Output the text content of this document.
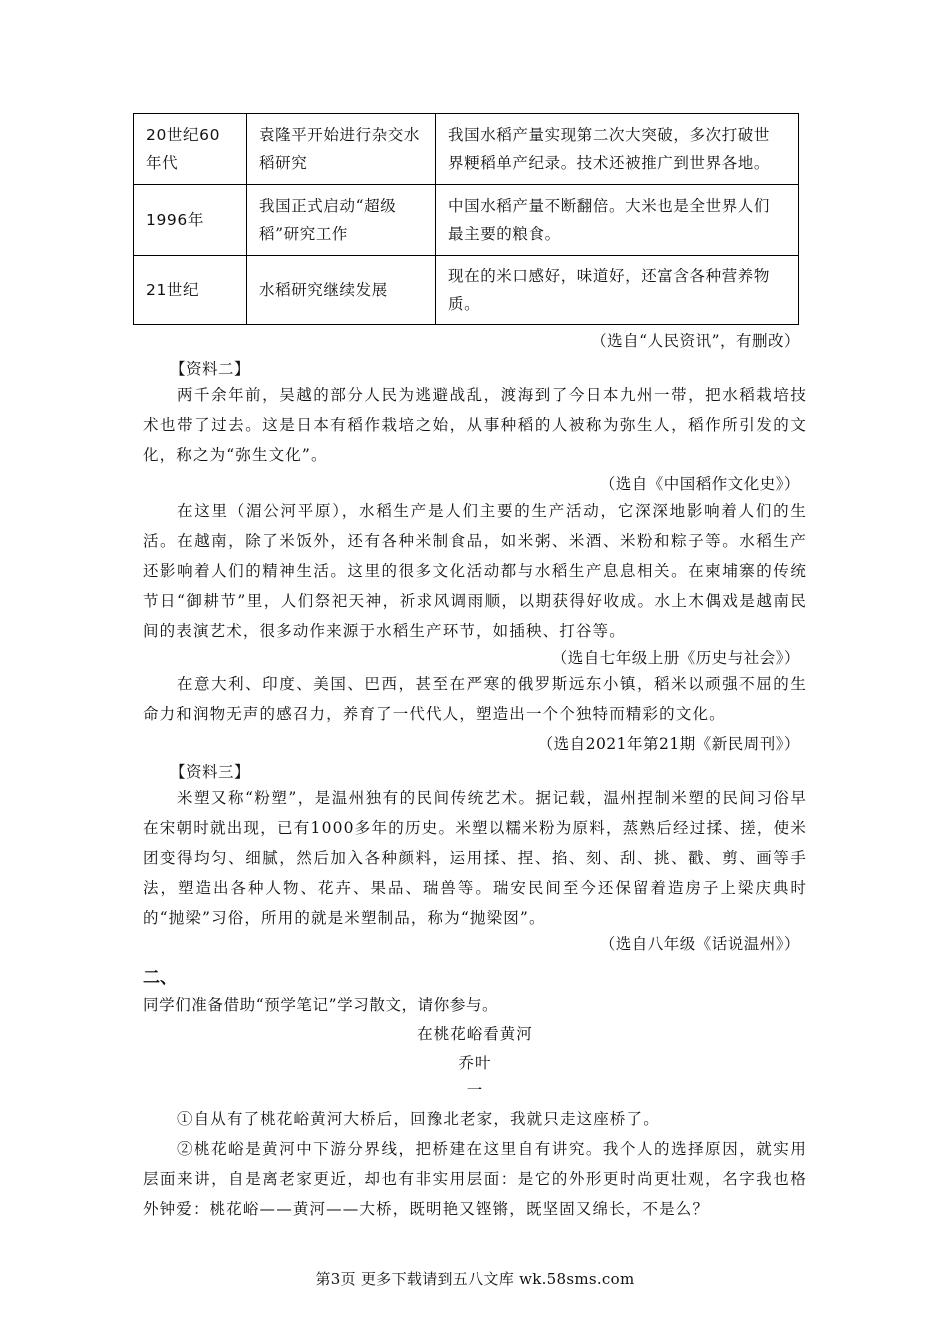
20世纪60年代	袁隆平开始进行杂交水稻研究	我国水稻产量实现第二次大突破，多次打破世界粳稻单产纪录。技术还被推广到世界各地。
1996年	我国正式启动“超级稻”研究工作	中国水稻产量不断翻倍。大米也是全世界人们最主要的粮食。
21世纪	水稻研究继续发展	现在的米口感好，味道好，还富含各种营养物质。
（选自“人民资讯”，有删改）
【资料二】
两千余年前，吴越的部分人民为逃避战乱，渡海到了今日本九州一带，把水稻栽培技术也带了过去。这是日本有稻作栽培之始，从事种稻的人被称为弥生人，稻作所引发的文化，称之为“弥生文化”。
（选自《中国稻作文化史》）
在这里（湄公河平原），水稻生产是人们主要的生产活动，它深深地影响着人们的生活。在越南，除了米饭外，还有各种米制食品，如米粥、米酒、米粉和粽子等。水稻生产还影响着人们的精神生活。这里的很多文化活动都与水稻生产息息相关。在柬埔寨的传统节日“御耕节”里，人们祭祀天神，祈求风调雨顺，以期获得好收成。水上木偶戏是越南民间的表演艺术，很多动作来源于水稻生产环节，如插秧、打谷等。
（选自七年级上册《历史与社会》）
在意大利、印度、美国、巴西，甚至在严寒的俄罗斯远东小镇，稻米以顽强不屈的生命力和润物无声的感召力，养育了一代代人，塑造出一个个独特而精彩的文化。
（选自2021年第21期《新民周刊》）
【资料三】
米塑又称“粉塑”，是温州独有的民间传统艺术。据记载，温州捏制米塑的民间习俗早在宋朝时就出现，已有1000多年的历史。米塑以糯米粉为原料，蒸熟后经过揉、搓，使米团变得均匀、细腻，然后加入各种颜料，运用揉、捏、掐、刻、刮、挑、戳、剪、画等手法，塑造出各种人物、花卉、果品、瑞兽等。瑞安民间至今还保留着造房子上梁庆典时的“抛梁”习俗，所用的就是米塑制品，称为“抛梁囡”。
（选自八年级《话说温州》）
二、
同学们准备借助“预学笔记”学习散文，请你参与。
在桃花峪看黄河
乔叶
一
①自从有了桃花峪黄河大桥后，回豫北老家，我就只走这座桥了。
②桃花峪是黄河中下游分界线，把桥建在这里自有讲究。我个人的选择原因，就实用层面来讲，自是离老家更近，却也有非实用层面：是它的外形更时尚更壮观，名字我也格外钟爱：桃花峪——黄河——大桥，既明艳又铿锵，既坚固又绵长，不是么？
第3页 更多下载请到五八文库 wk.58sms.com
